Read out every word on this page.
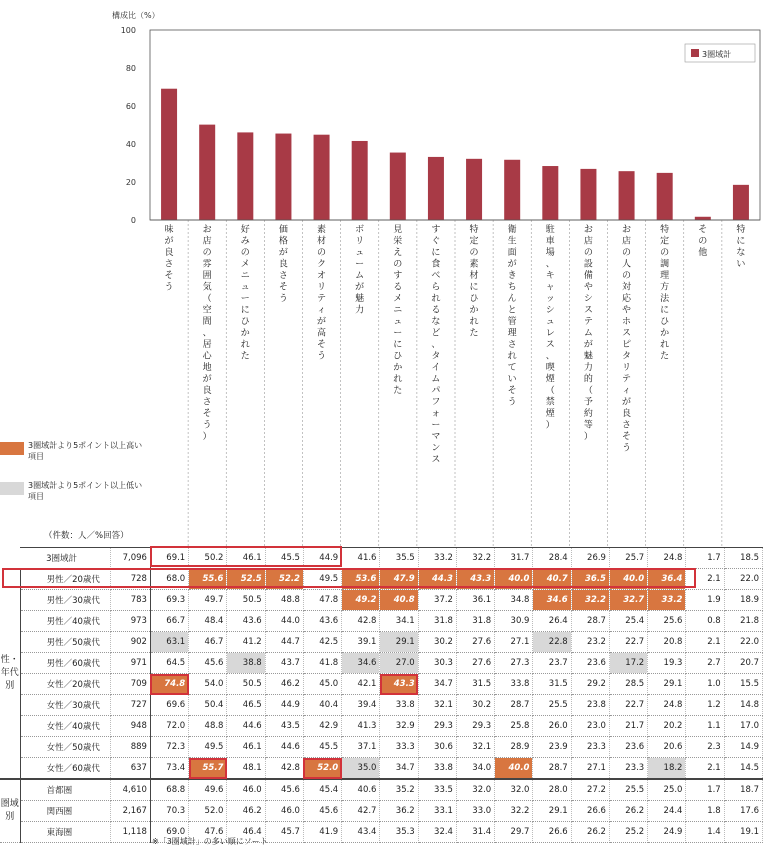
構成比（%）
0
20
40
60
80
100
味が良さそう
お店の雰囲気（空間、居心地が良さそう）
好みのメニューにひかれた
価格が良さそう
素材のクオリティが高そう
ボリュームが魅力
見栄えのするメニューにひかれた
すぐに食べられるなど、タイムパフォーマンス
特定の素材にひかれた
衛生面がきちんと管理されていそう
駐車場、キャッシュレス、喫煙（禁煙）
お店の設備やシステムが魅力的（予約等）
お店の人の対応やホスピタリティが良さそう
特定の調理方法にひかれた
その他
特にない
3圏域計
3圏域計より5ポイント以上高い項目
3圏域計より5ポイント以上低い項目
（件数：人／%回答）
	3圏域計	7,096	69.1	50.2	46.1	45.5	44.9	41.6	35.5	33.2	32.2	31.7	28.4	26.9	25.7	24.8	1.7	18.5
性・年代別	男性／20歳代	728	68.0	55.6	52.5	52.2	49.5	53.6	47.9	44.3	43.3	40.0	40.7	36.5	40.0	36.4	2.1	22.0
	男性／30歳代	783	69.3	49.7	50.5	48.8	47.8	49.2	40.8	37.2	36.1	34.8	34.6	32.2	32.7	33.2	1.9	18.9
	男性／40歳代	973	66.7	48.4	43.6	44.0	43.6	42.8	34.1	31.8	31.8	30.9	26.4	28.7	25.4	25.6	0.8	21.8
	男性／50歳代	902	63.1	46.7	41.2	44.7	42.5	39.1	29.1	30.2	27.6	27.1	22.8	23.2	22.7	20.8	2.1	22.0
	男性／60歳代	971	64.5	45.6	38.8	43.7	41.8	34.6	27.0	30.3	27.6	27.3	23.7	23.6	17.2	19.3	2.7	20.7
	女性／20歳代	709	74.8	54.0	50.5	46.2	45.0	42.1	43.3	34.7	31.5	33.8	31.5	29.2	28.5	29.1	1.0	15.5
	女性／30歳代	727	69.6	50.4	46.5	44.9	40.4	39.4	33.8	32.1	30.2	28.7	25.5	23.8	22.7	24.8	1.2	14.8
	女性／40歳代	948	72.0	48.8	44.6	43.5	42.9	41.3	32.9	29.3	29.3	25.8	26.0	23.0	21.7	20.2	1.1	17.0
	女性／50歳代	889	72.3	49.5	46.1	44.6	45.5	37.1	33.3	30.6	32.1	28.9	23.9	23.3	23.6	20.6	2.3	14.9
	女性／60歳代	637	73.4	55.7	48.1	42.8	52.0	35.0	34.7	33.8	34.0	40.0	28.7	27.1	23.3	18.2	2.1	14.5
圏域別	首都圏	4,610	68.8	49.6	46.0	45.6	45.4	40.6	35.2	33.5	32.0	32.0	28.0	27.2	25.5	25.0	1.7	18.7
	関西圏	2,167	70.3	52.0	46.2	46.0	45.6	42.7	36.2	33.1	33.0	32.2	29.1	26.6	26.2	24.4	1.8	17.6
	東海圏	1,118	69.0	47.6	46.4	45.7	41.9	43.4	35.3	32.4	31.4	29.7	26.6	26.2	25.2	24.9	1.4	19.1
※「3圏域計」の多い順にソート
